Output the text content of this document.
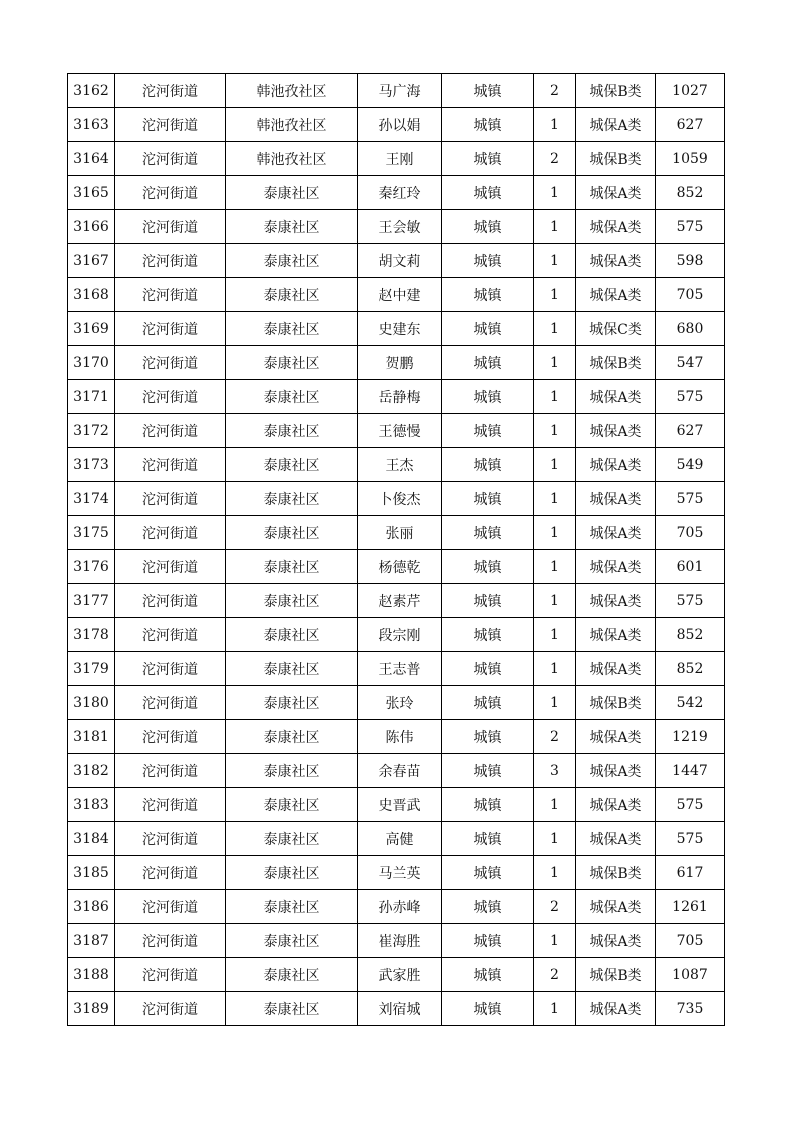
3162	沱河街道	韩池孜社区	马广海	城镇	2	城保B类	1027
3163	沱河街道	韩池孜社区	孙以娟	城镇	1	城保A类	627
3164	沱河街道	韩池孜社区	王刚	城镇	2	城保B类	1059
3165	沱河街道	泰康社区	秦红玲	城镇	1	城保A类	852
3166	沱河街道	泰康社区	王会敏	城镇	1	城保A类	575
3167	沱河街道	泰康社区	胡文莉	城镇	1	城保A类	598
3168	沱河街道	泰康社区	赵中建	城镇	1	城保A类	705
3169	沱河街道	泰康社区	史建东	城镇	1	城保C类	680
3170	沱河街道	泰康社区	贺鹏	城镇	1	城保B类	547
3171	沱河街道	泰康社区	岳静梅	城镇	1	城保A类	575
3172	沱河街道	泰康社区	王德慢	城镇	1	城保A类	627
3173	沱河街道	泰康社区	王杰	城镇	1	城保A类	549
3174	沱河街道	泰康社区	卜俊杰	城镇	1	城保A类	575
3175	沱河街道	泰康社区	张丽	城镇	1	城保A类	705
3176	沱河街道	泰康社区	杨德乾	城镇	1	城保A类	601
3177	沱河街道	泰康社区	赵素芹	城镇	1	城保A类	575
3178	沱河街道	泰康社区	段宗刚	城镇	1	城保A类	852
3179	沱河街道	泰康社区	王志普	城镇	1	城保A类	852
3180	沱河街道	泰康社区	张玲	城镇	1	城保B类	542
3181	沱河街道	泰康社区	陈伟	城镇	2	城保A类	1219
3182	沱河街道	泰康社区	余春苗	城镇	3	城保A类	1447
3183	沱河街道	泰康社区	史晋武	城镇	1	城保A类	575
3184	沱河街道	泰康社区	高健	城镇	1	城保A类	575
3185	沱河街道	泰康社区	马兰英	城镇	1	城保B类	617
3186	沱河街道	泰康社区	孙赤峰	城镇	2	城保A类	1261
3187	沱河街道	泰康社区	崔海胜	城镇	1	城保A类	705
3188	沱河街道	泰康社区	武家胜	城镇	2	城保B类	1087
3189	沱河街道	泰康社区	刘宿城	城镇	1	城保A类	735
